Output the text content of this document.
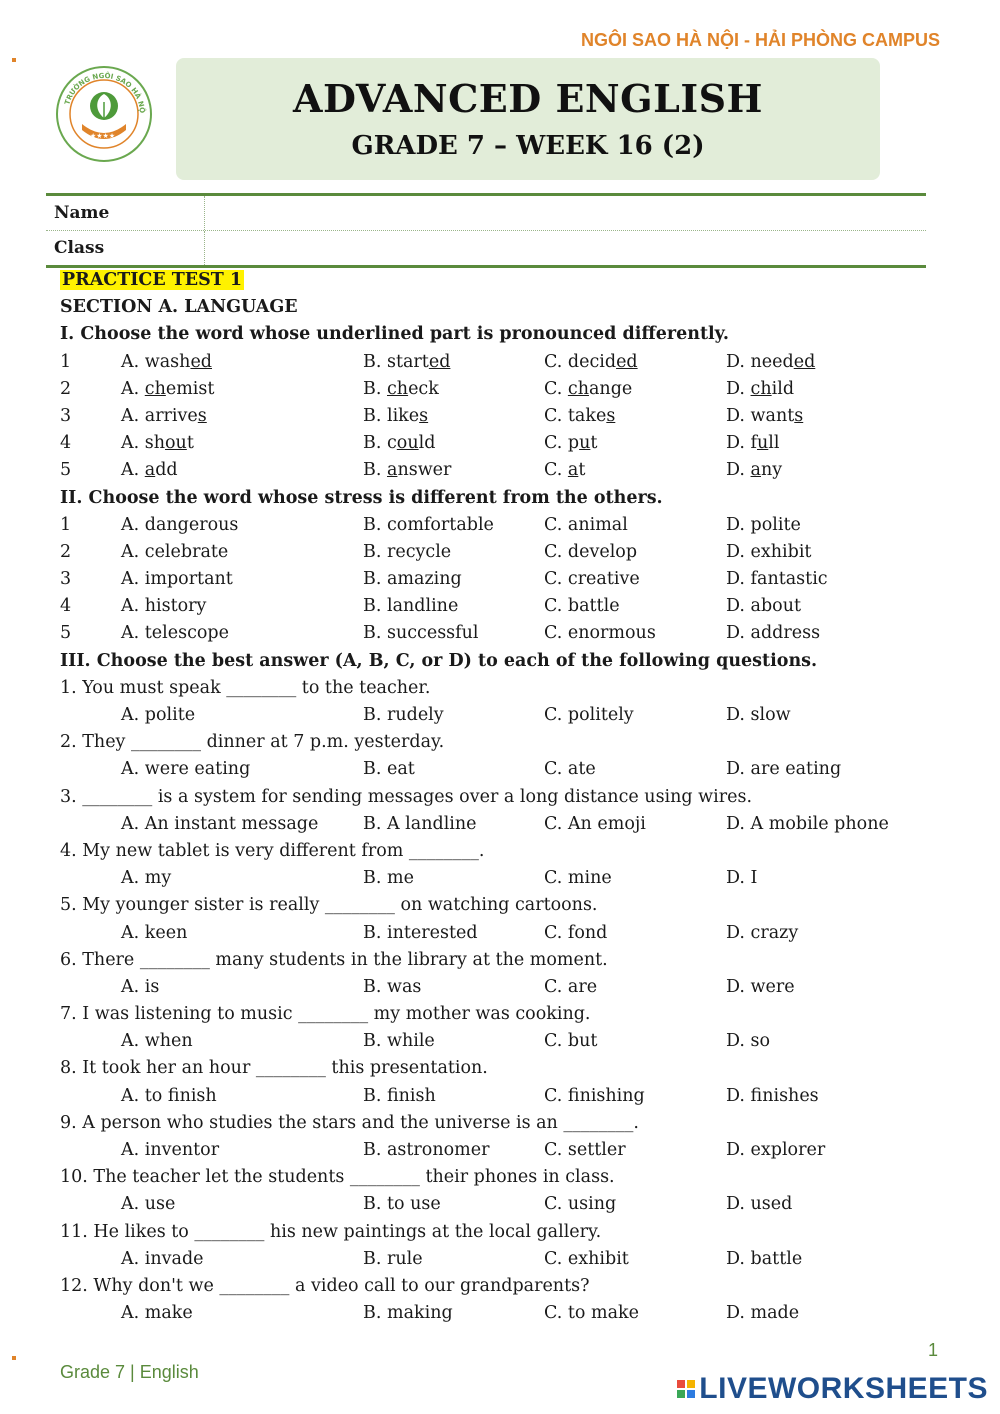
NGÔI SAO HÀ NỘI - HẢI PHÒNG CAMPUS
TRƯỜNG NGÔI SAO HÀ NỘ
★★★★
ADVANCED ENGLISH
GRADE 7 – WEEK 16 (2)
Name
Class
PRACTICE TEST 1
SECTION A. LANGUAGE
I. Choose the word whose underlined part is pronounced differently.
1	A. washed	B. started	C. decided	D. needed
2	A. chemist	B. check	C. change	D. child
3	A. arrives	B. likes	C. takes	D. wants
4	A. shout	B. could	C. put	D. full
5	A. add	B. answer	C. at	D. any
II. Choose the word whose stress is different from the others.
1	A. dangerous	B. comfortable	C. animal	D. polite
2	A. celebrate	B. recycle	C. develop	D. exhibit
3	A. important	B. amazing	C. creative	D. fantastic
4	A. history	B. landline	C. battle	D. about
5	A. telescope	B. successful	C. enormous	D. address
III. Choose the best answer (A, B, C, or D) to each of the following questions.
1. You must speak ________ to the teacher.
A. polite	B. rudely	C. politely	D. slow
2. They ________ dinner at 7 p.m. yesterday.
A. were eating	B. eat	C. ate	D. are eating
3. ________ is a system for sending messages over a long distance using wires.
A. An instant message	B. A landline	C. An emoji	D. A mobile phone
4. My new tablet is very different from ________.
A. my	B. me	C. mine	D. I
5. My younger sister is really ________ on watching cartoons.
A. keen	B. interested	C. fond	D. crazy
6. There ________ many students in the library at the moment.
A. is	B. was	C. are	D. were
7. I was listening to music ________ my mother was cooking.
A. when	B. while	C. but	D. so
8. It took her an hour ________ this presentation.
A. to finish	B. finish	C. finishing	D. finishes
9. A person who studies the stars and the universe is an ________.
A. inventor	B. astronomer	C. settler	D. explorer
10. The teacher let the students ________ their phones in class.
A. use	B. to use	C. using	D. used
11. He likes to ________ his new paintings at the local gallery.
A. invade	B. rule	C. exhibit	D. battle
12. Why don't we ________ a video call to our grandparents?
A. make	B. making	C. to make	D. made
1
Grade 7 | English	LIVEWORKSHEETS
